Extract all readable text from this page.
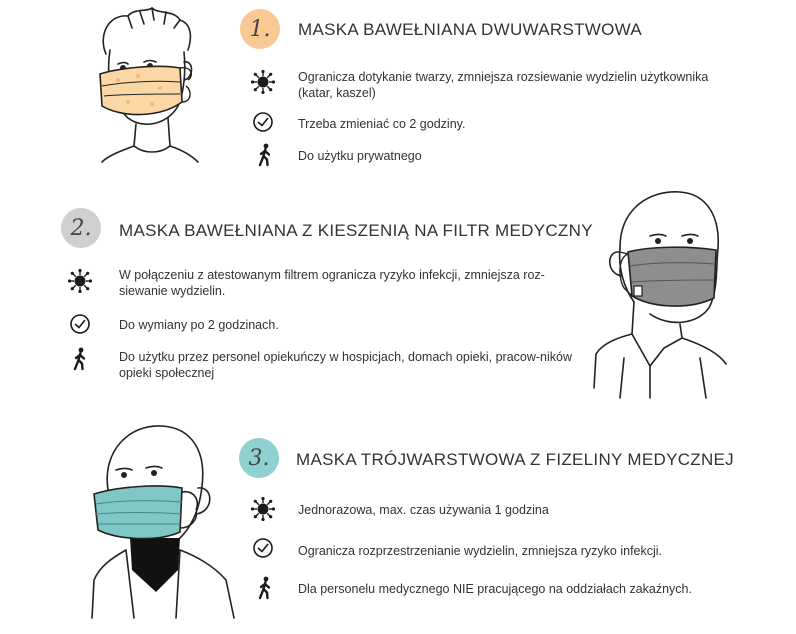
1.	MASKA BAWEŁNIANA DWUWARSTWOWA
Ogranicza dotykanie twarzy, zmniejsza rozsiewanie wydzielin użytkownika (katar, kaszel)
Trzeba zmieniać co 2 godziny.
Do użytku prywatnego
2.	MASKA BAWEŁNIANA Z KIESZENIĄ NA FILTR MEDYCZNY
W połączeniu z atestowanym filtrem ogranicza ryzyko infekcji, zmniejsza roz-siewanie wydzielin.
Do wymiany po 2 godzinach.
Do użytku przez personel opiekuńczy w hospicjach, domach opieki, pracow-ników opieki społecznej
3.	MASKA TRÓJWARSTWOWA Z FIZELINY MEDYCZNEJ
Jednorazowa, max. czas używania 1 godzina
Ogranicza rozprzestrzenianie wydzielin, zmniejsza ryzyko infekcji.
Dla personelu medycznego NIE pracującego na oddziałach zakaźnych.
